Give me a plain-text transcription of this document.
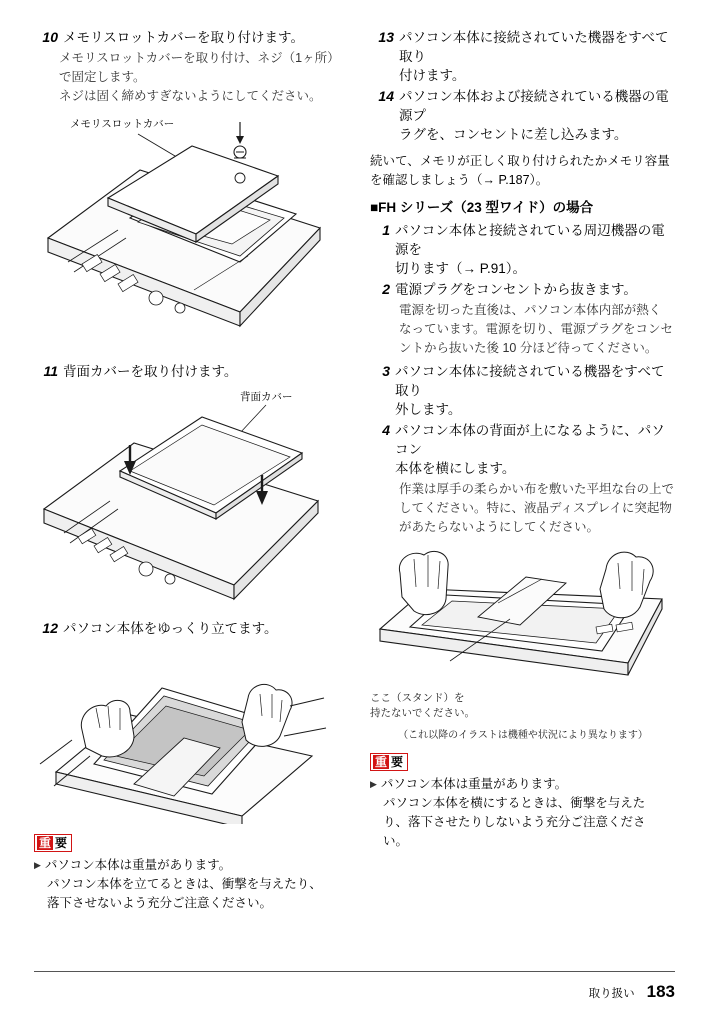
10 メモリスロットカバーを取り付けます。
メモリスロットカバーを取り付け、ネジ（1ヶ所）
で固定します。
ネジは固く締めすぎないようにしてください。
メモリスロットカバー
11 背面カバーを取り付けます。
背面カバー
12 パソコン本体をゆっくり立てます。
重 要
▶ パソコン本体は重量があります。
パソコン本体を立てるときは、衝撃を与えたり、
落下させないよう充分ご注意ください。
13 パソコン本体に接続されていた機器をすべて取り
付けます。
14 パソコン本体および接続されている機器の電源プ
ラグを、コンセントに差し込みます。
続いて、メモリが正しく取り付けられたかメモリ容量
を確認しましょう（→ P.187）。
■FH シリーズ（23 型ワイド）の場合
1 パソコン本体と接続されている周辺機器の電源を
切ります（→ P.91）。
2 電源プラグをコンセントから抜きます。
電源を切った直後は、パソコン本体内部が熱く
なっています。電源を切り、電源プラグをコンセ
ントから抜いた後 10 分ほど待ってください。
3 パソコン本体に接続されている機器をすべて取り
外します。
4 パソコン本体の背面が上になるように、パソコン
本体を横にします。
作業は厚手の柔らかい布を敷いた平坦な台の上で
してください。特に、液晶ディスプレイに突起物
があたらないようにしてください。
ここ（スタンド）を
持たないでください。
（これ以降のイラストは機種や状況により異なります）
重 要
▶ パソコン本体は重量があります。
パソコン本体を横にするときは、衝撃を与えた
り、落下させたりしないよう充分ご注意くださ
い。
取り扱い 183
